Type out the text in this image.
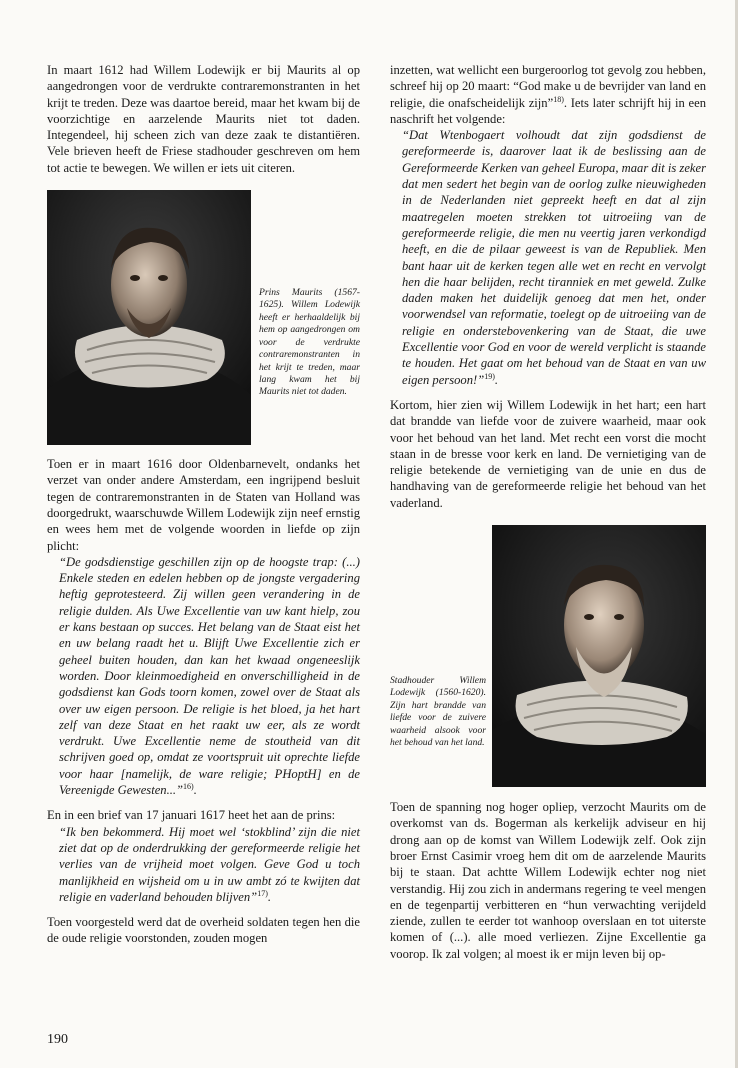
In maart 1612 had Willem Lodewijk er bij Maurits al op aangedrongen voor de verdrukte contraremonstranten in het krijt te treden. Deze was daartoe bereid, maar het kwam bij de voorzichtige en aarzelende Maurits niet tot daden. Integendeel, hij scheen zich van deze zaak te distantiëren. Vele brieven heeft de Friese stadhouder geschreven om hem tot actie te bewegen. We willen er iets uit citeren.

Prins Maurits (1567-1625). Willem Lodewijk heeft er herhaaldelijk bij hem op aangedrongen om voor de verdrukte contraremonstranten in het krijt te treden, maar lang kwam het bij Maurits niet tot daden.

Toen er in maart 1616 door Oldenbarnevelt, ondanks het verzet van onder andere Amsterdam, een ingrijpend besluit tegen de contraremonstranten in de Staten van Holland was doorgedrukt, waarschuwde Willem Lodewijk zijn neef ernstig en wees hem met de volgende woorden in liefde op zijn plicht:

“De godsdienstige geschillen zijn op de hoogste trap: (...) Enkele steden en edelen hebben op de jongste vergadering heftig geprotesteerd. Zij willen geen verandering in de religie dulden. Als Uwe Excellentie van uw kant hielp, zou er kans bestaan op succes. Het belang van de Staat eist het en uw belang raadt het u. Blijft Uwe Excellentie zich er geheel buiten houden, dan kan het kwaad ongeneeslijk worden. Door kleinmoedigheid en onverschilligheid in de godsdienst kan Gods toorn komen, zowel over de Staat als over uw eigen persoon. De religie is het bloed, ja het hart zelf van deze Staat en het raakt uw eer, als ze wordt verdrukt. Uwe Excellentie neme de stoutheid van dit schrijven goed op, omdat ze voortspruit uit oprechte liefde voor haar [namelijk, de ware religie; PHoptH] en de Vereenigde Gewesten...”$^{16)}$.

En in een brief van 17 januari 1617 heet het aan de prins:

“Ik ben bekommerd. Hij moet wel ‘stokblind’ zijn die niet ziet dat op de onderdrukking der gereformeerde religie het verlies van de vrijheid moet volgen. Geve God u toch manlijkheid en wijsheid om u in uw ambt zó te kwijten dat religie en vaderland behouden blijven”$^{17)}$.

Toen voorgesteld werd dat de overheid soldaten tegen hen die de oude religie voorstonden, zouden mogen

inzetten, wat wellicht een burgeroorlog tot gevolg zou hebben, schreef hij op 20 maart: “God make u de bevrijder van land en religie, die onafscheidelijk zijn”$^{18)}$. Iets later schrijft hij in een naschrift het volgende:

“Dat Wtenbogaert volhoudt dat zijn godsdienst de gereformeerde is, daarover laat ik de beslissing aan de Gereformeerde Kerken van geheel Europa, maar dit is zeker dat men sedert het begin van de oorlog zulke nieuwigheden in de Nederlanden niet gepreekt heeft en dat al zijn maatregelen moeten strekken tot uitroeiing van de gereformeerde religie, die men nu veertig jaren verkondigd heeft, en die de pilaar geweest is van de Republiek. Men bant haar uit de kerken tegen alle wet en recht en vervolgt hen die haar belijden, recht tiranniek en met geweld. Zulke daden maken het duidelijk genoeg dat men het, onder voorwendsel van reformatie, toelegt op de uitroeiing van de religie en onderstebovenkering van de Staat, die uwe Excellentie voor God en voor de wereld verplicht is staande te houden. Het gaat om het behoud van de Staat en van uw eigen persoon!”$^{19)}$.

Kortom, hier zien wij Willem Lodewijk in het hart; een hart dat brandde van liefde voor de zuivere waarheid, maar ook voor het behoud van het land. Met recht een vorst die mocht staan in de bresse voor kerk en land. De vernietiging van de religie betekende de vernietiging van de unie en dus de handhaving van de gereformeerde religie het behoud van het vaderland.

Stadhouder Willem Lodewijk (1560-1620). Zijn hart brandde van liefde voor de zuivere waarheid alsook voor het behoud van het land.

Toen de spanning nog hoger opliep, verzocht Maurits om de overkomst van ds. Bogerman als kerkelijk adviseur en hij drong aan op de komst van Willem Lodewijk zelf. Ook zijn broer Ernst Casimir vroeg hem dit om de aarzelende Maurits bij te staan. Dat achtte Willem Lodewijk echter nog niet verstandig. Hij zou zich in andermans regering te veel mengen en de tegenpartij verbitteren en “hun verwachting verijdeld ziende, zullen te eerder tot wanhoop overslaan en tot uiterste komen of (...). alle moed verliezen. Zijne Excellentie ga voorop. Ik zal volgen; al moest ik er mijn leven bij op-

190
